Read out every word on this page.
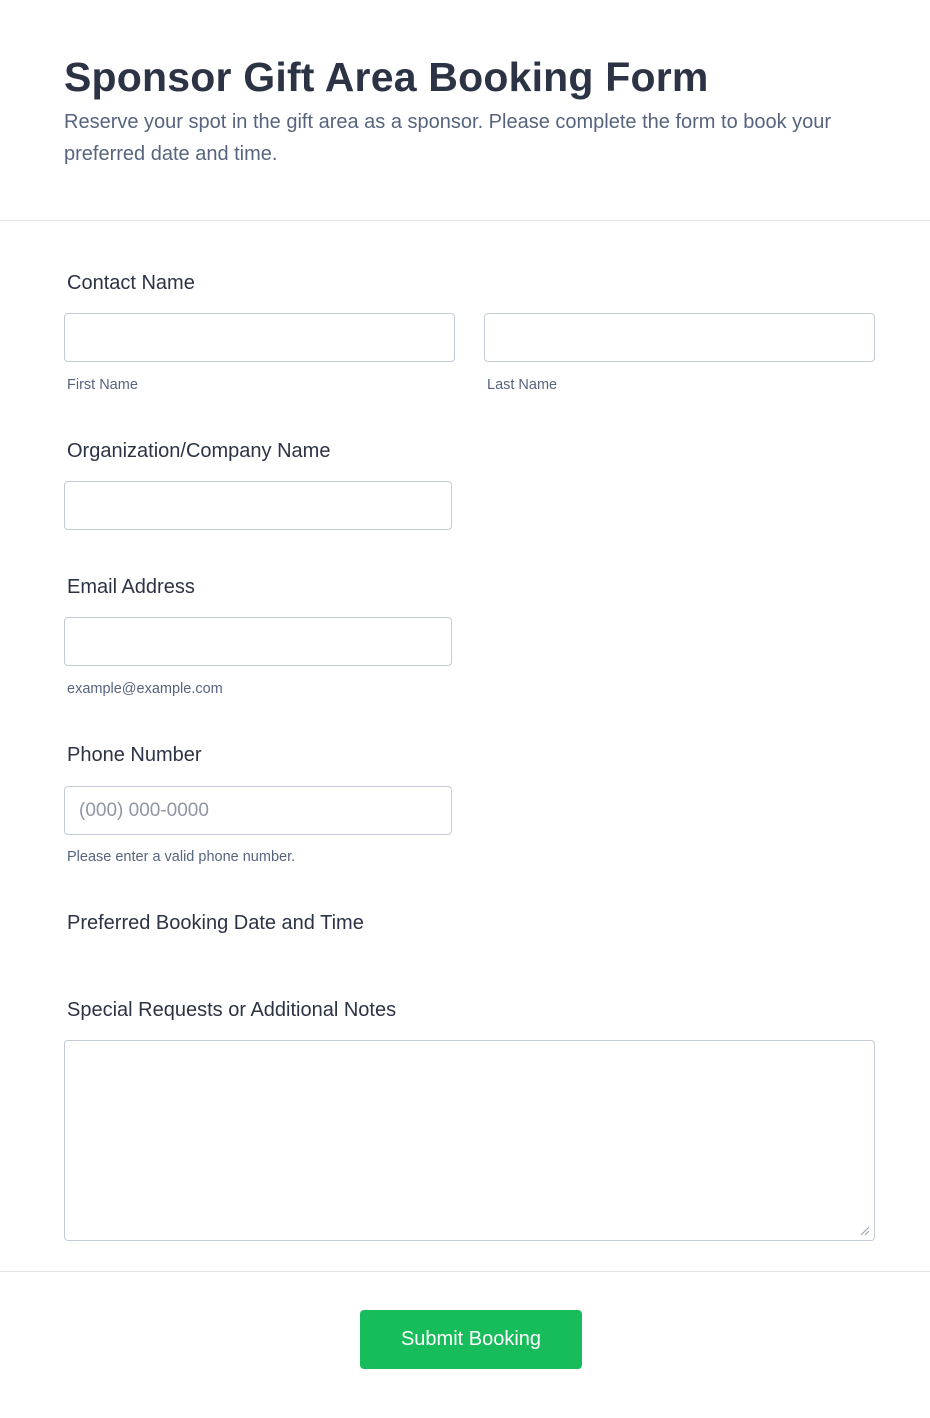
Sponsor Gift Area Booking Form

Reserve your spot in the gift area as a sponsor. Please complete the form to book your preferred date and time.

Contact Name
First Name	Last Name
Organization/Company Name
Email Address
example@example.com
Phone Number
(000) 000-0000
Please enter a valid phone number.
Preferred Booking Date and Time
Special Requests or Additional Notes
Submit Booking
